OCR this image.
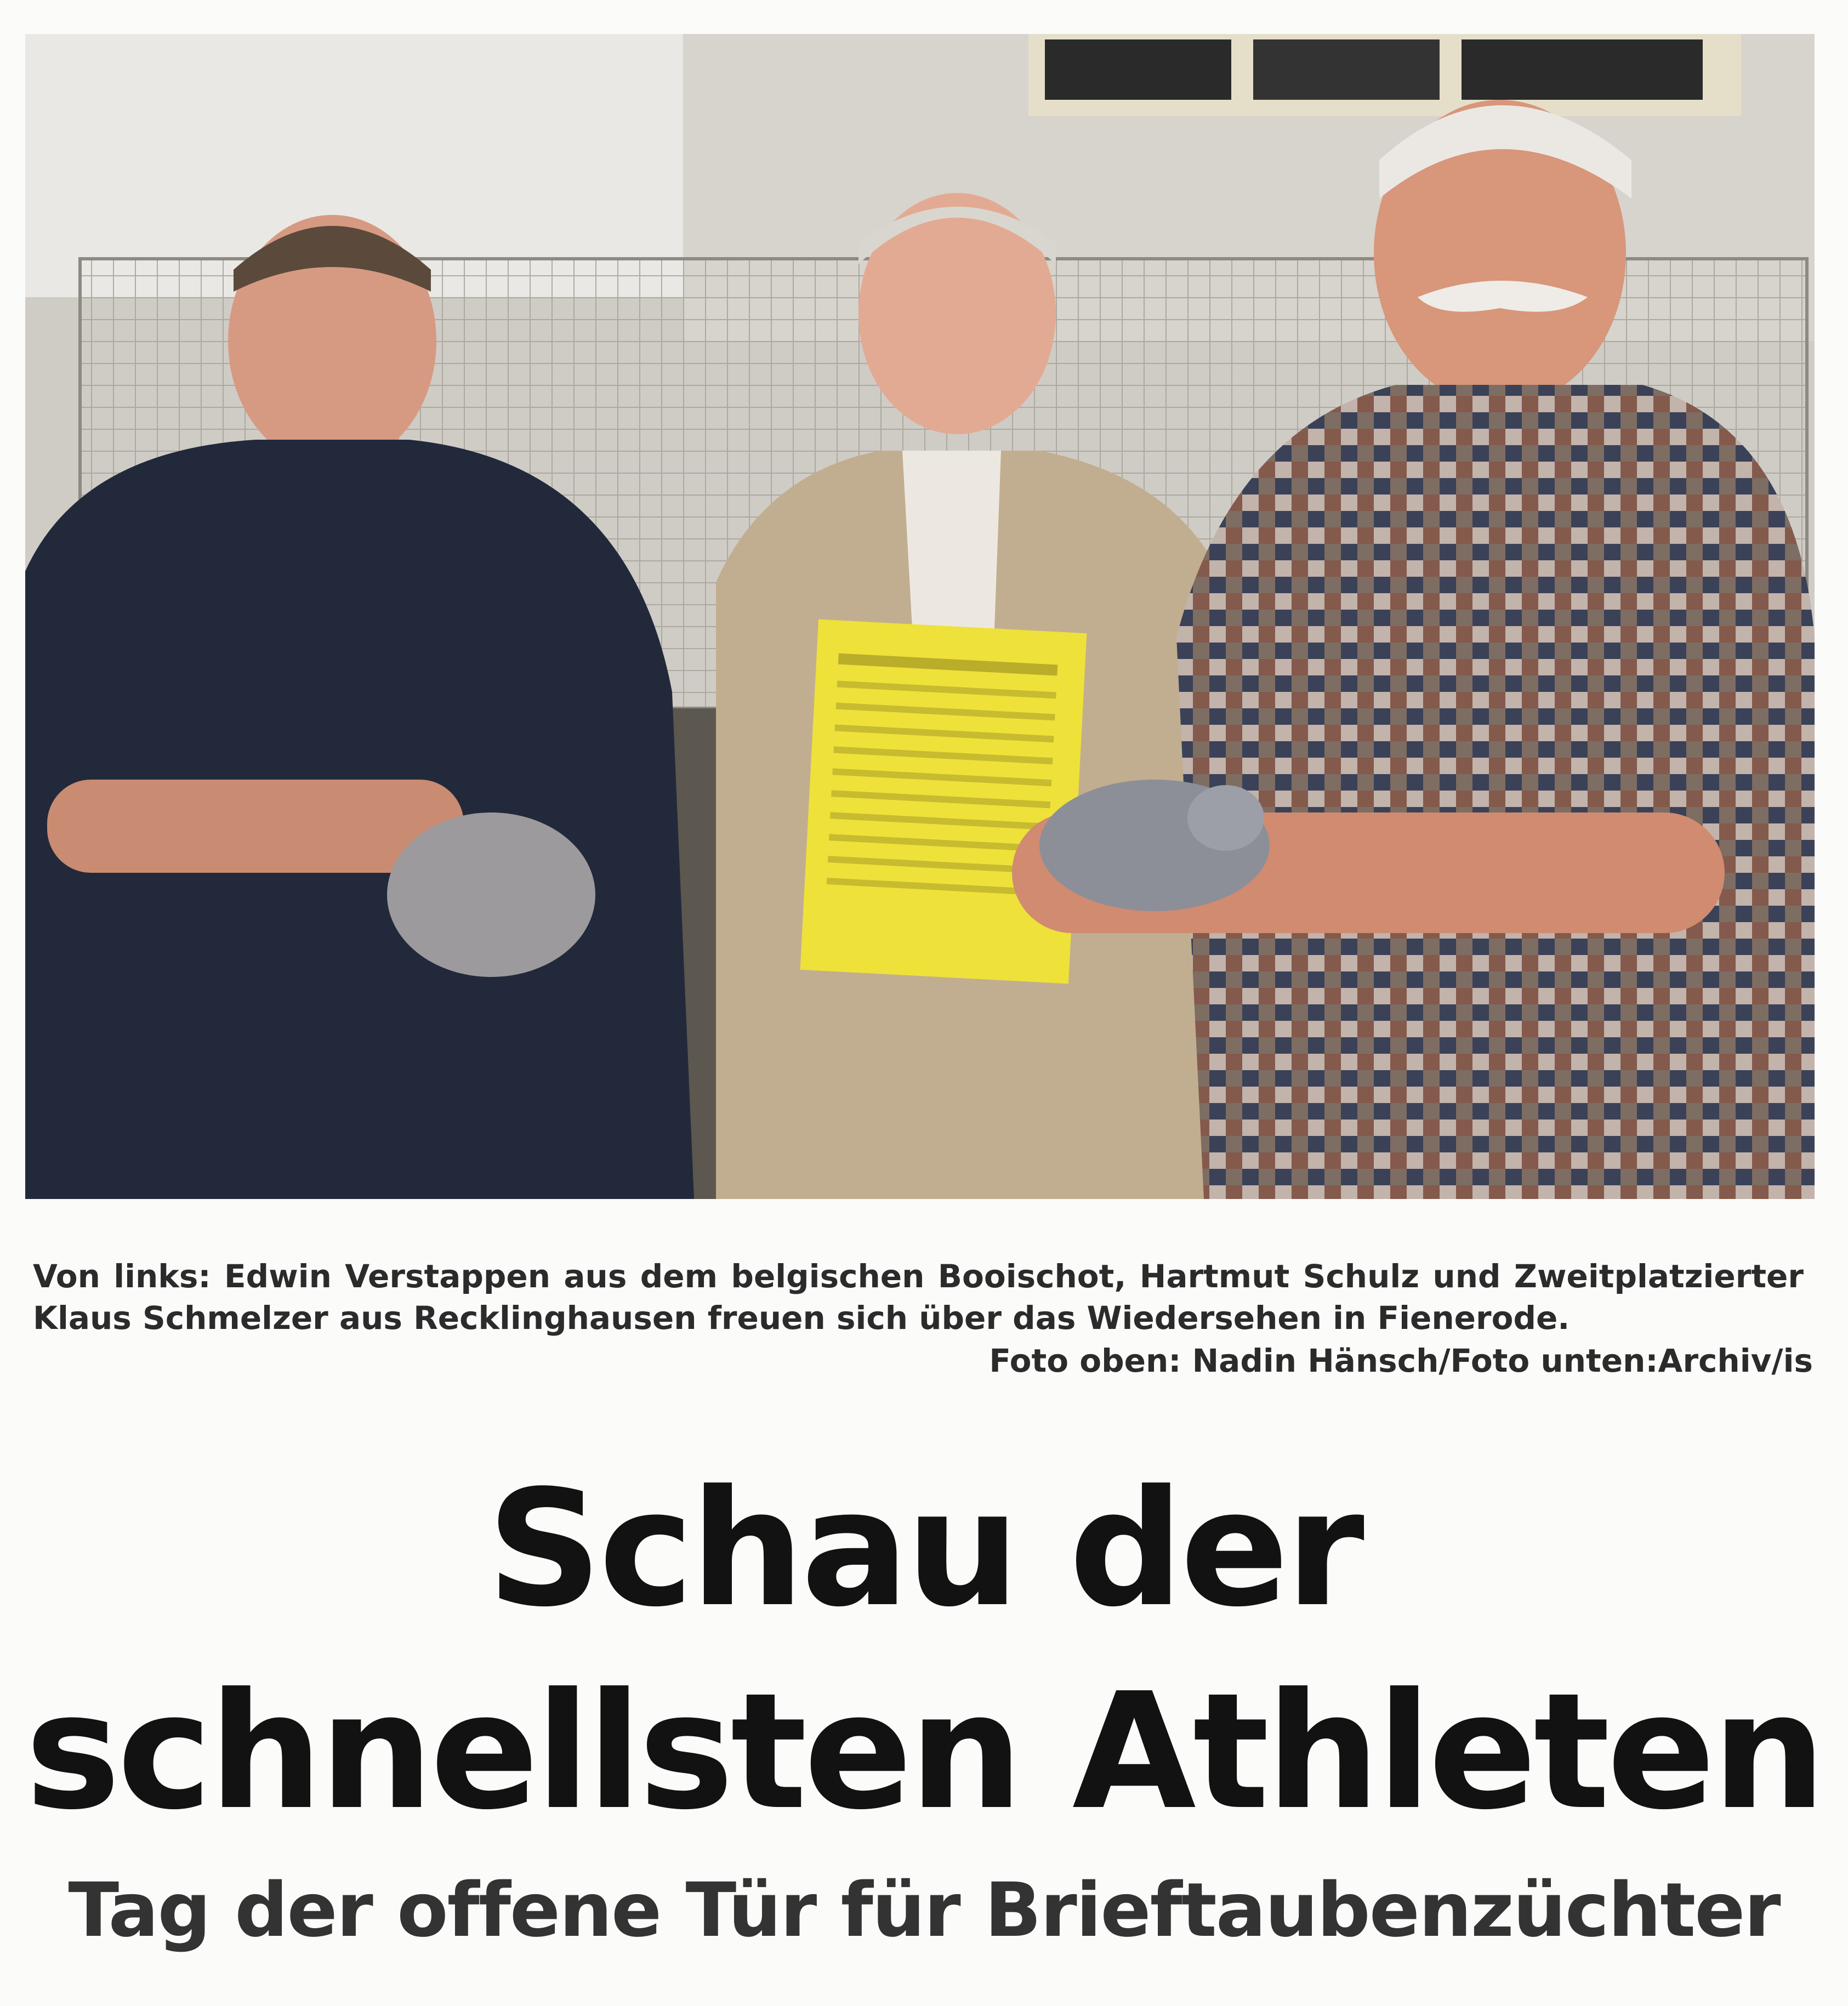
Von links: Edwin Verstappen aus dem belgischen Booischot, Hartmut Schulz und Zweitplatzierter Klaus Schmelzer aus Recklinghausen freuen sich über das Wiedersehen in Fienerode.
Foto oben: Nadin Hänsch/Foto unten:Archiv/is
Schau der schnellsten Athleten
Tag der offene Tür für Brieftaubenzüchter
